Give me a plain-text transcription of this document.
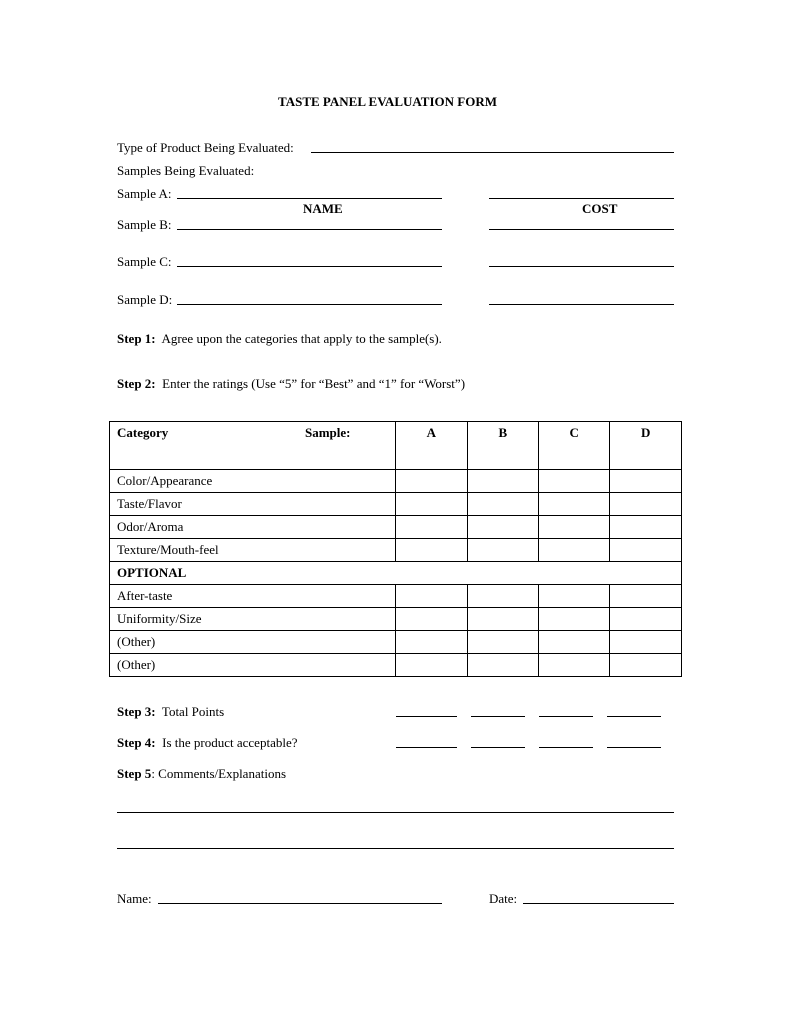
TASTE PANEL EVALUATION FORM
Type of Product Being Evaluated:
Samples Being Evaluated:
Sample A:
NAME	COST
Sample B:
Sample C:
Sample D:
Step 1: Agree upon the categories that apply to the sample(s).
Step 2: Enter the ratings (Use “5” for “Best” and “1” for “Worst”)
Category Sample:	A	B	C	D
Color/Appearance				
Taste/Flavor				
Odor/Aroma				
Texture/Mouth-feel				
OPTIONAL				
After-taste				
Uniformity/Size				
(Other)				
(Other)				
Step 3: Total Points
Step 4: Is the product acceptable?
Step 5: Comments/Explanations
Name:	Date:
